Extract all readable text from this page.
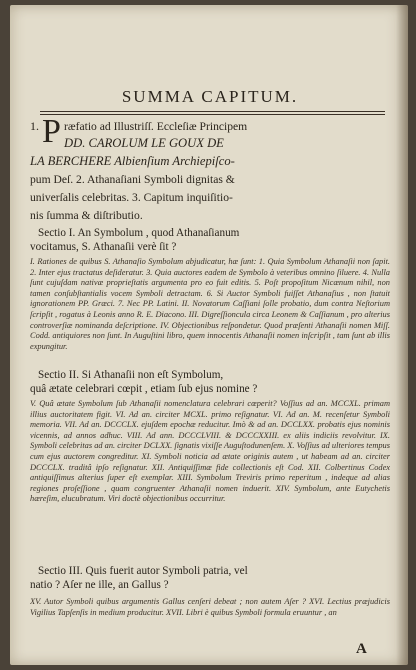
SUMMA CAPITUM.
1. P ræfatio ad Illustriſſ. Eccleſiæ Principem
DD. CAROLUM LE GOUX DE
LA BERCHERE Albienſium Archiepiſco-
pum Deſ. 2. Athanaſiani Symboli dignitas &
univerſalis celebritas. 3. Capitum inquiſitio-
nis ſumma & diſtributio.
Sectio I. An Symbolum , quod Athanaſianum
vocitamus, S. Athanaſii verè ſit ?
I. Rationes de quibus S. Athanaſio Symbolum abjudicatur, hæ ſunt: 1. Quia Symbolum Athanaſii non ſapit. 2. Inter ejus tractatus deſideratur. 3. Quia auctores eadem de Symbolo à veteribus omnino ſiluere. 4. Nulla ſunt cujuſdam nativæ proprieſtatis argumenta pro eo fuit editis. 5. Poſt propoſitum Nicænum nihil, non tamen conſubſtantialis vocem Symboli detractam. 6. Si Auctor Symboli fuiſſet Athanaſius , non ſtatuit ignorationem PP. Græci. 7. Nec PP. Latini. II. Novatorum Caſſiani ſolle probatio, dum contra Neſtorium ſcripſit , rogatus à Leonis anno R. E. Diacono. III. Digreſſioncula circa Leonem & Caſſianum , pro alterius controverſiæ nominanda deſcriptione. IV. Objectionibus reſpondetur. Quod præſenti Athanaſii nomen Miſſ. Codd. antiquiores non ſunt. In Auguſtini libro, quem innocentis Athanaſii nomen inſcripſit , tam ſunt ab illis expungitur.
Sectio II. Si Athanaſii non eſt Symbolum,
quâ ætate celebrari cœpit , etiam ſub ejus nomine ?
V. Quâ ætate Symbolum ſub Athanaſii nomenclatura celebrari cœperit? Voſſius ad an. MCCXL. primam illius auctoritatem figit. VI. Ad an. circiter MCXL. primo reſignatur. VI. Ad an. M. recenſetur Symboli memoria. VII. Ad an. DCCCLX. ejuſdem epochæ reducitur. Imò & ad an. DCCLXX. probatis ejus nominis vicennis, ad annos adhuc. VIII. Ad ann. DCCCLVIII. & DCCCXXIII. ex aliis indiciis revolvitur. IX. Symboli celebritas ad an. circiter DCLXX. ſignatis vixiſſe Auguſtodunenſem. X. Voſſius ad ulteriores tempus cum ejus auctorem congreditur. XI. Symboli noticia ad ætate originis autem , ut habeam ad an. circiter DCCCLX. traditâ ipſo reſignatur. XII. Antiquiſſimæ fide collectionis eſt Cod. XII. Colbertinus Codex antiquiſſimus alterius ſuper eſt exemplar. XIII. Symbolum Treviris primo reperitum , indeque ad alias regiones proſeſſione , quam congruenter Athanaſii nomen induerit. XIV. Symbolum, ante Eutychetis hæreſim, elucubratum. Viri doctè objectionibus occurritur.
Sectio III. Quis fuerit autor Symboli patria, vel
natio ? Aſer ne ille, an Gallus ?
XV. Autor Symboli quibus argumentis Gallus cenſeri debeat ; non autem Aſer ? XVI. Lectius præjudicis Vigilius Tapſenſis in medium producitur. XVII. Libri è quibus Symboli formula eruuntur , an
A
